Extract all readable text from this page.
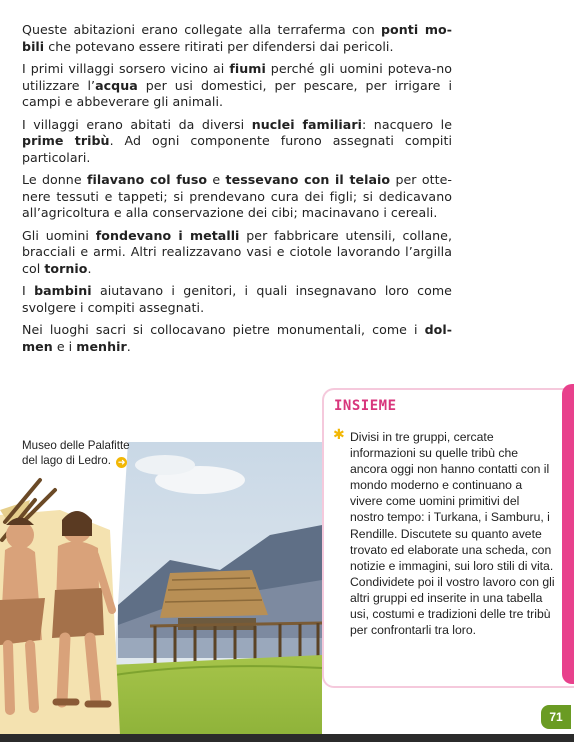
Queste abitazioni erano collegate alla terraferma con ponti mo-bili che potevano essere ritirati per difendersi dai pericoli.

I primi villaggi sorsero vicino ai fiumi perché gli uomini poteva-no utilizzare l’acqua per usi domestici, per pescare, per irrigare i campi e abbeverare gli animali.

I villaggi erano abitati da diversi nuclei familiari: nacquero le prime tribù. Ad ogni componente furono assegnati compiti particolari.

Le donne filavano col fuso e tessevano con il telaio per otte-nere tessuti e tappeti; si prendevano cura dei figli; si dedicavano all’agricoltura e alla conservazione dei cibi; macinavano i cereali.

Gli uomini fondevano i metalli per fabbricare utensili, collane, bracciali e armi. Altri realizzavano vasi e ciotole lavorando l’argilla col tornio.

I bambini aiutavano i genitori, i quali insegnavano loro come svolgere i compiti assegnati.

Nei luoghi sacri si collocavano pietre monumentali, come i dol-men e i menhir.

Museo delle Palafitte del lago di Ledro. ➜
INSIEME
✱ Divisi in tre gruppi, cercate informazioni su quelle tribù che ancora oggi non hanno contatti con il mondo moderno e continuano a vivere come uomini primitivi del nostro tempo: i Turkana, i Samburu, i Rendille. Discutete su quanto avete trovato ed elaborate una scheda, con notizie e immagini, sui loro stili di vita. Condividete poi il vostro lavoro con gli altri gruppi ed inserite in una tabella usi, costumi e tradizioni delle tre tribù per confrontarli tra loro.
71
